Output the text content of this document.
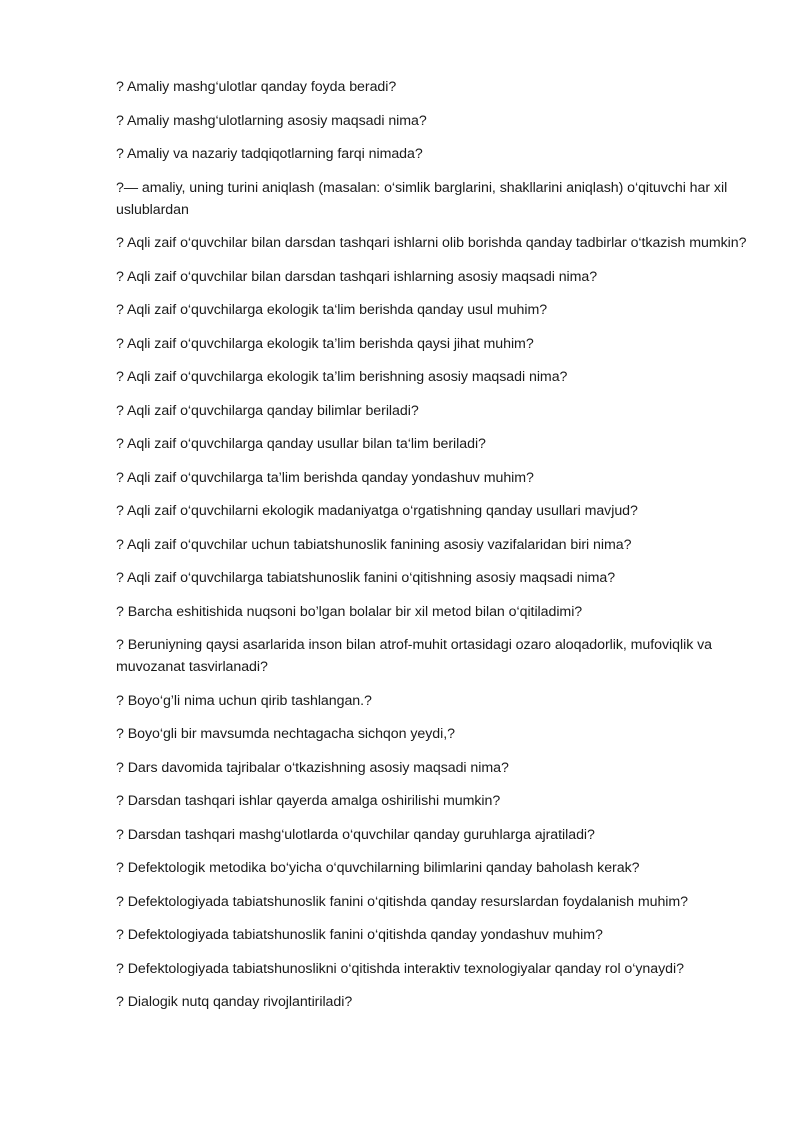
? Amaliy mashg‘ulotlar qanday foyda beradi?

? Amaliy mashg‘ulotlarning asosiy maqsadi nima?

? Amaliy va nazariy tadqiqotlarning farqi nimada?

?— amaliy, uning turini aniqlash (masalan: o‘simlik barglarini, shakllarini aniqlash) o‘qituvchi har xil uslublardan

? Aqli zaif o‘quvchilar bilan darsdan tashqari ishlarni olib borishda qanday tadbirlar o‘tkazish mumkin?

? Aqli zaif o‘quvchilar bilan darsdan tashqari ishlarning asosiy maqsadi nima?

? Aqli zaif o‘quvchilarga ekologik ta‘lim berishda qanday usul muhim?

? Aqli zaif o‘quvchilarga ekologik ta’lim berishda qaysi jihat muhim?

? Aqli zaif o‘quvchilarga ekologik ta’lim berishning asosiy maqsadi nima?

? Aqli zaif o‘quvchilarga qanday bilimlar beriladi?

? Aqli zaif o‘quvchilarga qanday usullar bilan ta‘lim beriladi?

? Aqli zaif o‘quvchilarga ta’lim berishda qanday yondashuv muhim?

? Aqli zaif o‘quvchilarni ekologik madaniyatga o‘rgatishning qanday usullari mavjud?

? Aqli zaif o‘quvchilar uchun tabiatshunoslik fanining asosiy vazifalaridan biri nima?

? Aqli zaif o‘quvchilarga tabiatshunoslik fanini o‘qitishning asosiy maqsadi nima?

? Barcha eshitishida nuqsoni bo’lgan bolalar bir xil metod bilan o‘qitiladimi?

? Beruniyning qaysi asarlarida inson bilan atrof-muhit ortasidagi ozaro aloqadorlik, mufoviqlik va muvozanat tasvirlanadi?

? Boyo‘g’li nima uchun qirib tashlangan.?

? Boyo‘gli bir mavsumda nechtagacha sichqon yeydi,?

? Dars davomida tajribalar o‘tkazishning asosiy maqsadi nima?

? Darsdan tashqari ishlar qayerda amalga oshirilishi mumkin?

? Darsdan tashqari mashg‘ulotlarda o‘quvchilar qanday guruhlarga ajratiladi?

? Defektologik metodika bo‘yicha o‘quvchilarning bilimlarini qanday baholash kerak?

? Defektologiyada tabiatshunoslik fanini o‘qitishda qanday resurslardan foydalanish muhim?

? Defektologiyada tabiatshunoslik fanini o‘qitishda qanday yondashuv muhim?

? Defektologiyada tabiatshunoslikni o‘qitishda interaktiv texnologiyalar qanday rol o‘ynaydi?

? Dialogik nutq qanday rivojlantiriladi?
